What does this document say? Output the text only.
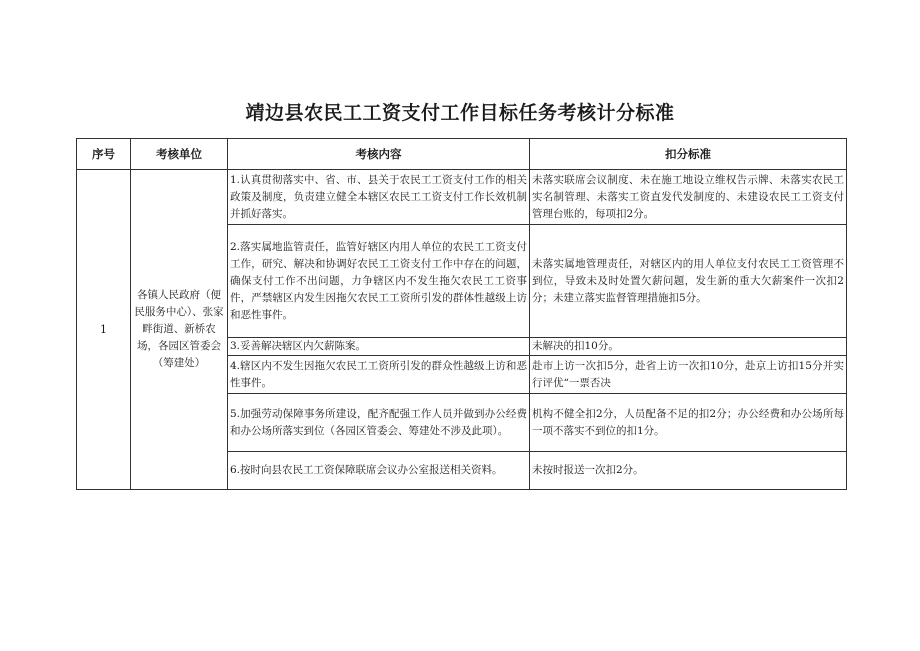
靖边县农民工工资支付工作目标任务考核计分标准
序号	考核单位	考核内容	扣分标准
1	各镇人民政府（便民服务中心）、张家畔街道、新桥农场，各园区管委会（筹建处）	1.认真贯彻落实中、省、市、县关于农民工工资支付工作的相关政策及制度，负责建立健全本辖区农民工工资支付工作长效机制并抓好落实。	未落实联席会议制度、未在施工地设立维权告示牌、未落实农民工实名制管理、未落实工资直发代发制度的、未建设农民工工资支付管理台账的，每项扣2分。
		2.落实属地监管责任，监管好辖区内用人单位的农民工工资支付工作，研究、解决和协调好农民工工资支付工作中存在的问题，确保支付工作不出问题，力争辖区内不发生拖欠农民工工资事件，严禁辖区内发生因拖欠农民工工资所引发的群体性越级上访和恶性事件。	未落实属地管理责任，对辖区内的用人单位支付农民工工资管理不到位，导致未及时处置欠薪问题，发生新的重大欠薪案件一次扣2分；未建立落实监督管理措施扣5分。
		3.妥善解决辖区内欠薪陈案。	未解决的扣10分。
		4.辖区内不发生因拖欠农民工工资所引发的群众性越级上访和恶性事件。	赴市上访一次扣5分，赴省上访一次扣10分，赴京上访扣15分并实行评优“一票否决
		5.加强劳动保障事务所建设，配齐配强工作人员并做到办公经费和办公场所落实到位（各园区管委会、筹建处不涉及此项）。	机构不健全扣2分，人员配备不足的扣2分；办公经费和办公场所每一项不落实不到位的扣1分。
		6.按时向县农民工工资保障联席会议办公室报送相关资料。	未按时报送一次扣2分。
